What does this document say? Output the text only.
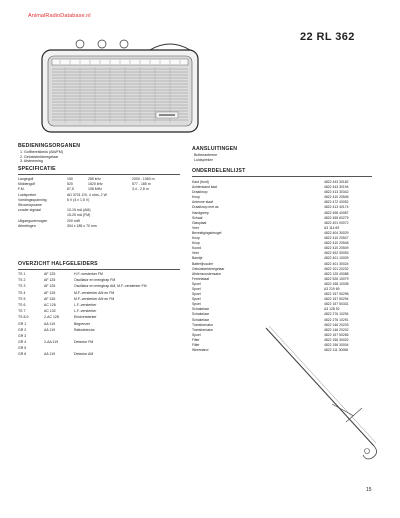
AnimalRadioDatabase.nl
22 RL 362
BEDIENINGSORGANEN
1. Golfbereikkeus (AM/FM)
2. Geluidsterkteregelaar
3. Afstemming
SPECIFICATIE
Langegolf	150	285 kHz	2000 - 1060 m
Middengolf	520	1620 kHz	577 - 185 m
F.M.	87,5	108 MHz	3,4 - 2,8 m
Luidspreker	AD 3701 Z/X, 4 ohm, 2 W
Voedingsspanning	6 V (4 x 1,5 V)
Stroomopname
zonder signaal	10-15 mA (AM)
15-25 mA (FM)
Uitgangsvermogen	200 mW
Afmetingen	304 x 185 x 70 mm
OVERZICHT HALFGELEIDERS
TS 1	AF 125	H.F.-versterker FM
TS 2	AF 125	Oscillator en mengtrap FM
TS 3	AF 126	Oscillator en mengtrap AM, M.F.-versterker FM
TS 4	AF 126	M.F.-versterker AM en FM
TS 5	AF 126	M.F.-versterker AM en FM
TS 6	AC 126	L.F.-versterker
TS 7	AC 132	L.F.-versterker
TS 8-9	2-AC 128	Eindversterker
GR 1	AA 119	Begrenzer
GR 2	AA 119	Ratiodetector
GR 3
GR 4	2-AA 119	Detector FM
GR 5
GR 6	AA 119	Detector AM
AANSLUITINGEN
Buitenantenne
Luidspreker
ONDERDELENLIJST
Kast (front)	4822 443 30182
Achterwand kast	4822 443 30194
Draaiknop	4822 413 30342
Knop	4822 410 20546
Antenne staaf	4822 472 40052
Draaiknop met as	4822 413 40174
Handgreep	4822 498 40087
Schaal	4822 455 60279
Glasplaat	4822 401 00072
Veer	A3 114 69
Bevestigingsbeugel	4822 404 30029
Knop	4822 410 20547
Knop	4822 410 20548
Koord	4822 410 20549
Veer	4822 492 30053
Bandje	4822 401 10009
Batterijhouder	4822 401 30024
Geluidsterkteregelaar	4822 101 20232
Afstemcondensator	4822 125 40088
Ferrietstaaf	4822 526 10079
Spoel	4822 158 10008
Spoel	A3 219 69
Spoel	4822 157 50298
Spoel	4822 157 50294
Spoel	4822 157 50331
Schakelaar	A3 128 92
Schakelaar	4822 276 10294
Schakelaar	4822 276 10291
Transformator	4822 146 20203
Transformator	4822 146 20202
Spoel	4822 157 50265
Filter	4822 156 30002
Filter	4822 156 30004
Weerstand	4822 111 30068
15
